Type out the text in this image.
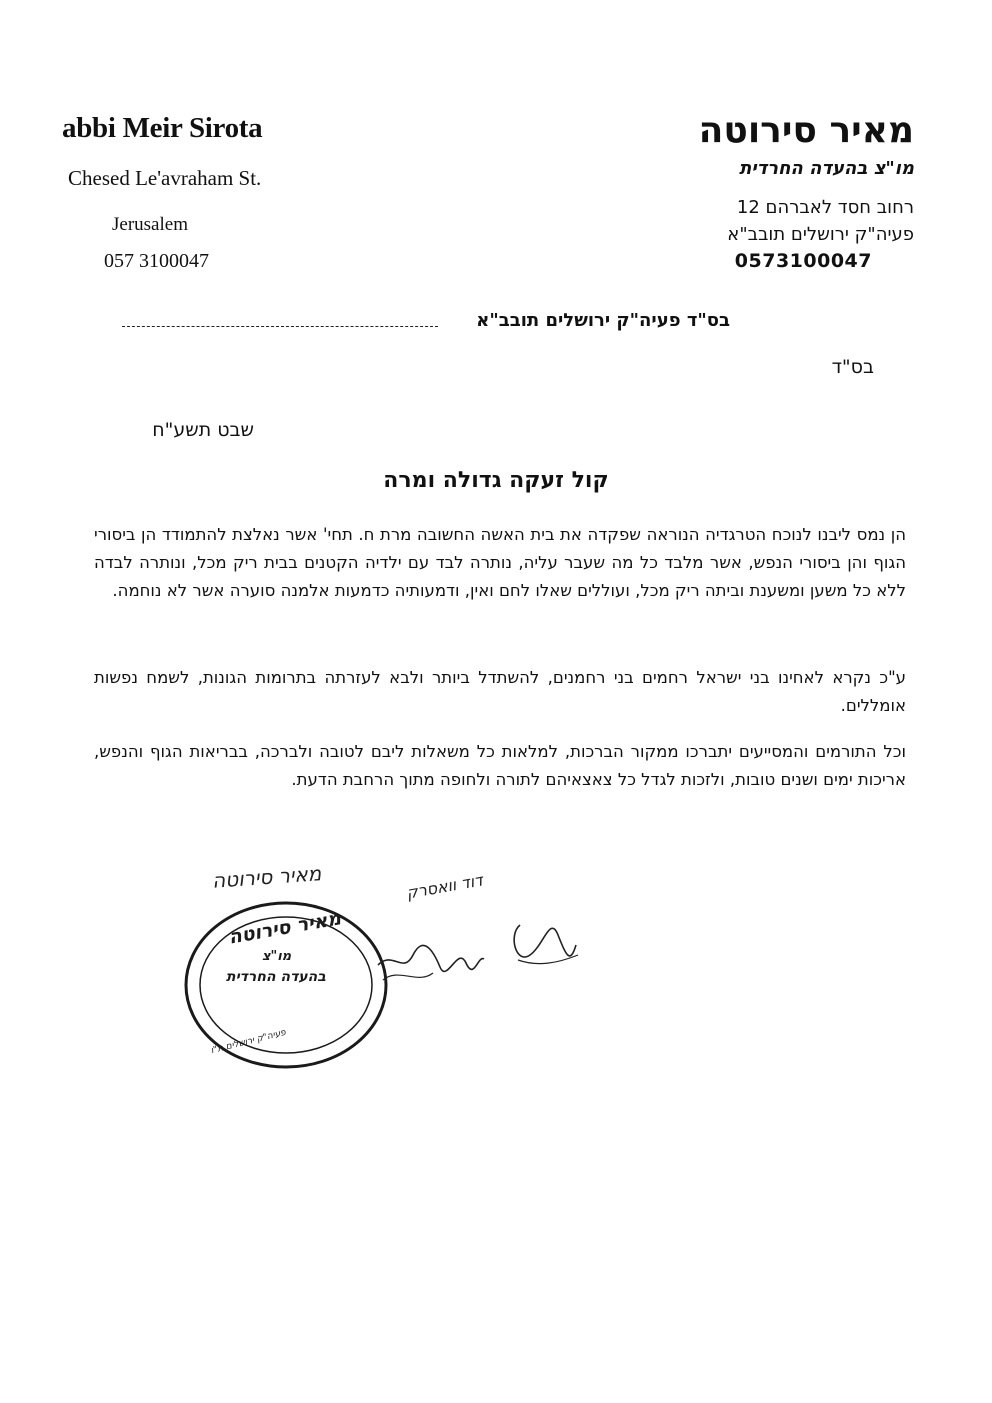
abbi Meir Sirota
Chesed Le'avraham St.
Jerusalem
057 3100047
מאיר סירוטה
מו"צ בהעדה החרדית
רחוב חסד לאברהם 12
פעיה"ק ירושלים תובב"א
0573100047
בס"ד פעיה"ק ירושלים תובב"א
בס"ד
שבט תשע"ח
קול זעקה גדולה ומרה
הן נמס ליבנו לנוכח הטרגדיה הנוראה שפקדה את בית האשה החשובה מרת ח. תחי' אשר נאלצת להתמודד הן ביסורי הגוף והן ביסורי הנפש, אשר מלבד כל מה שעבר עליה, נותרה לבד עם ילדיה הקטנים בבית ריק מכל, ונותרה לבדה ללא כל משען ומשענת וביתה ריק מכל, ועוללים שאלו לחם ואין, ודמעותיה כדמעות אלמנה סוערה אשר לא נוחמה.
ע"כ נקרא לאחינו בני ישראל רחמים בני רחמנים, להשתדל ביותר ולבא לעזרתה בתרומות הגונות, לשמח נפשות אומללים.
וכל התורמים והמסייעים יתברכו ממקור הברכות, למלאות כל משאלות ליבם לטובה ולברכה, בבריאות הגוף והנפש, אריכות ימים ושנים טובות, ולזכות לגדל כל צאצאיהם לתורה ולחופה מתוך הרחבת הדעת.
מאיר סירוטה	דוד וואסרק
מאיר סירוטה
מו"צ
בהעדה החרדית
פעיה"ק ירושלים ת"ו
